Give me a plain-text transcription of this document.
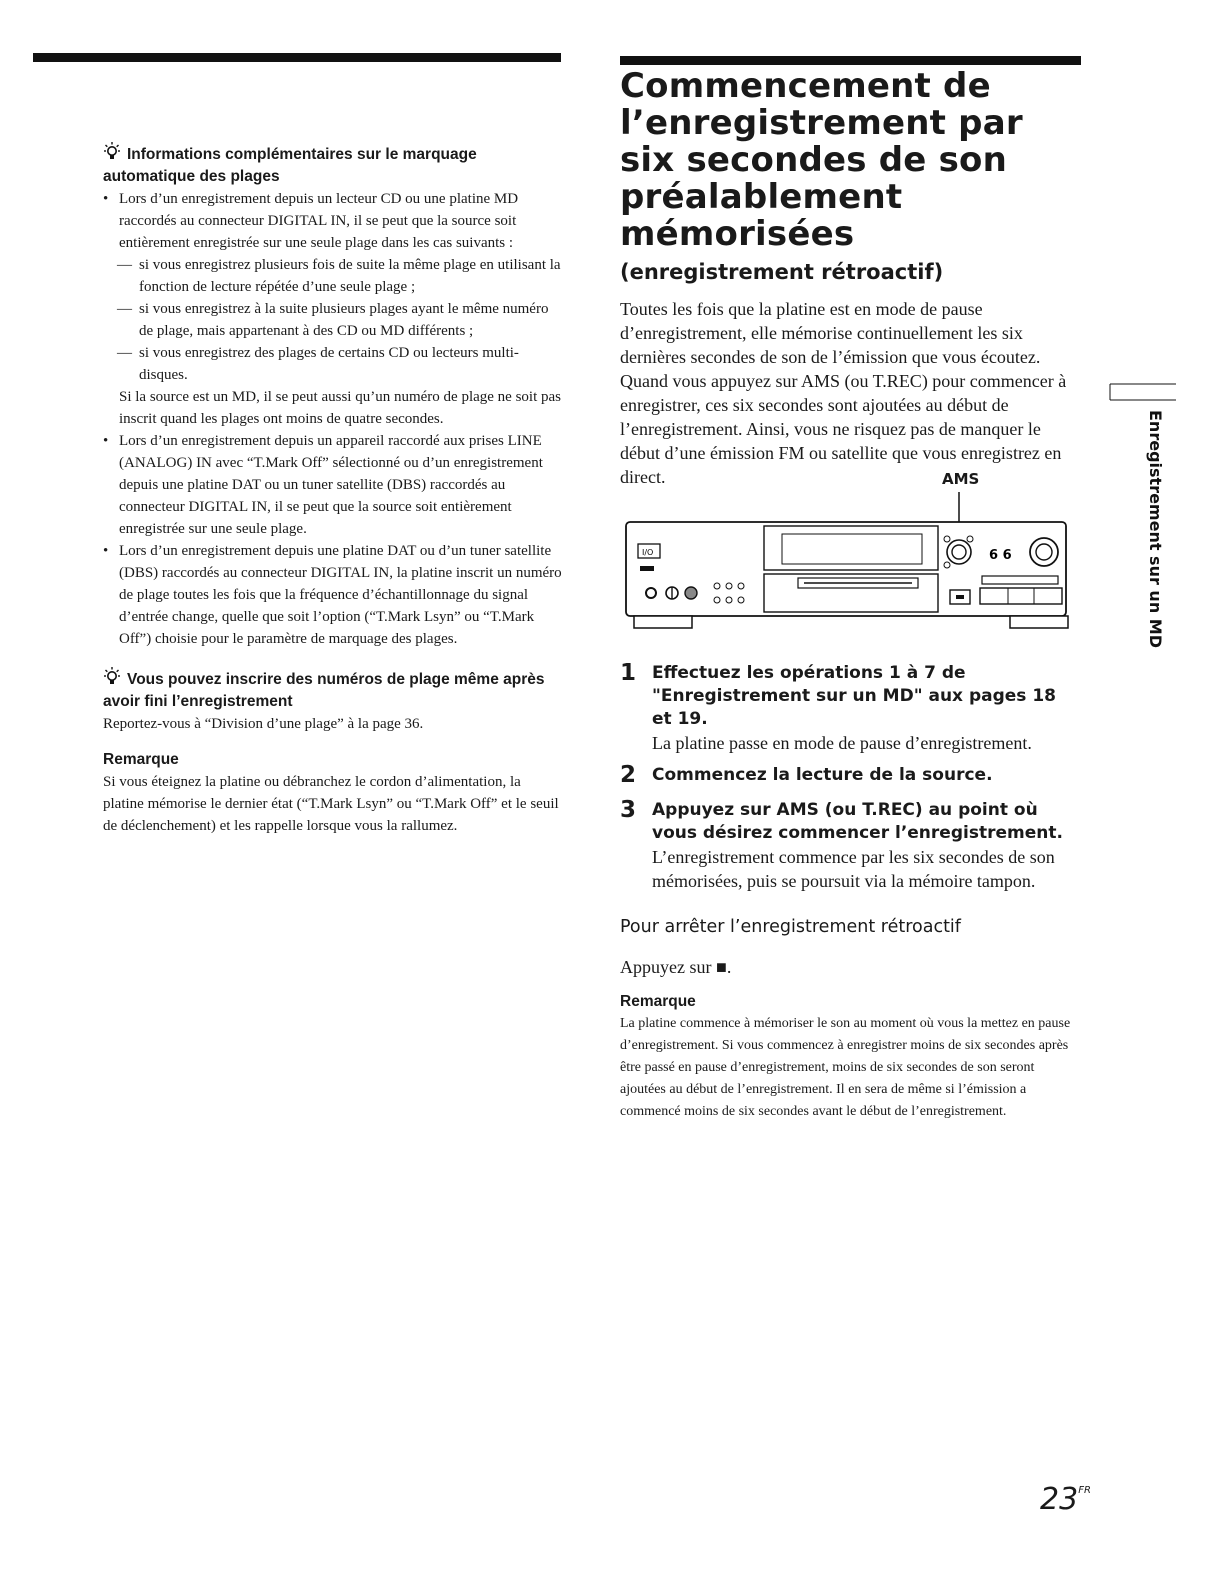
Informations complémentaires sur le marquage automatique des plages

• Lors d’un enregistrement depuis un lecteur CD ou une platine MD raccordés au connecteur DIGITAL IN, il se peut que la source soit entièrement enregistrée sur une seule plage dans les cas suivants :

— si vous enregistrez plusieurs fois de suite la même plage en utilisant la fonction de lecture répétée d’une seule plage ;

— si vous enregistrez à la suite plusieurs plages ayant le même numéro de plage, mais appartenant à des CD ou MD différents ;

— si vous enregistrez des plages de certains CD ou lecteurs multi-disques.

Si la source est un MD, il se peut aussi qu’un numéro de plage ne soit pas inscrit quand les plages ont moins de quatre secondes.

• Lors d’un enregistrement depuis un appareil raccordé aux prises LINE (ANALOG) IN avec “T.Mark Off” sélectionné ou d’un enregistrement depuis une platine DAT ou un tuner satellite (DBS) raccordés au connecteur DIGITAL IN, il se peut que la source soit entièrement enregistrée sur une seule plage.

• Lors d’un enregistrement depuis une platine DAT ou d’un tuner satellite (DBS) raccordés au connecteur DIGITAL IN, la platine inscrit un numéro de plage toutes les fois que la fréquence d’échantillonnage du signal d’entrée change, quelle que soit l’option (“T.Mark Lsyn” ou “T.Mark Off”) choisie pour le paramètre de marquage des plages.

Vous pouvez inscrire des numéros de plage même après avoir fini l’enregistrement

Reportez-vous à “Division d’une plage” à la page 36.

Remarque

Si vous éteignez la platine ou débranchez le cordon d’alimentation, la platine mémorise le dernier état (“T.Mark Lsyn” ou “T.Mark Off” et le seuil de déclenchement) et les rappelle lorsque vous la rallumez.

Commencement de l’enregistrement par six secondes de son préalablement mémorisées
(enregistrement rétroactif)

Toutes les fois que la platine est en mode de pause d’enregistrement, elle mémorise continuellement les six dernières secondes de son de l’émission que vous écoutez. Quand vous appuyez sur AMS (ou T.REC) pour commencer à enregistrer, ces six secondes sont ajoutées au début de l’enregistrement. Ainsi, vous ne risquez pas de manquer le début d’une émission FM ou satellite que vous enregistrez en direct.	AMS
I/O	6 6
1 Effectuez les opérations 1 à 7 de "Enregistrement sur un MD" aux pages 18 et 19.

La platine passe en mode de pause d’enregistrement.

2 Commencez la lecture de la source.

3 Appuyez sur AMS (ou T.REC) au point où vous désirez commencer l’enregistrement.

L’enregistrement commence par les six secondes de son mémorisées, puis se poursuit via la mémoire tampon.

Pour arrêter l’enregistrement rétroactif

Appuyez sur ■.

Remarque

La platine commence à mémoriser le son au moment où vous la mettez en pause d’enregistrement. Si vous commencez à enregistrer moins de six secondes après être passé en pause d’enregistrement, moins de six secondes de son seront ajoutées au début de l’enregistrement. Il en sera de même si l’émission a commencé moins de six secondes avant le début de l’enregistrement.

Enregistrement sur un MD
$23^{FR}$
